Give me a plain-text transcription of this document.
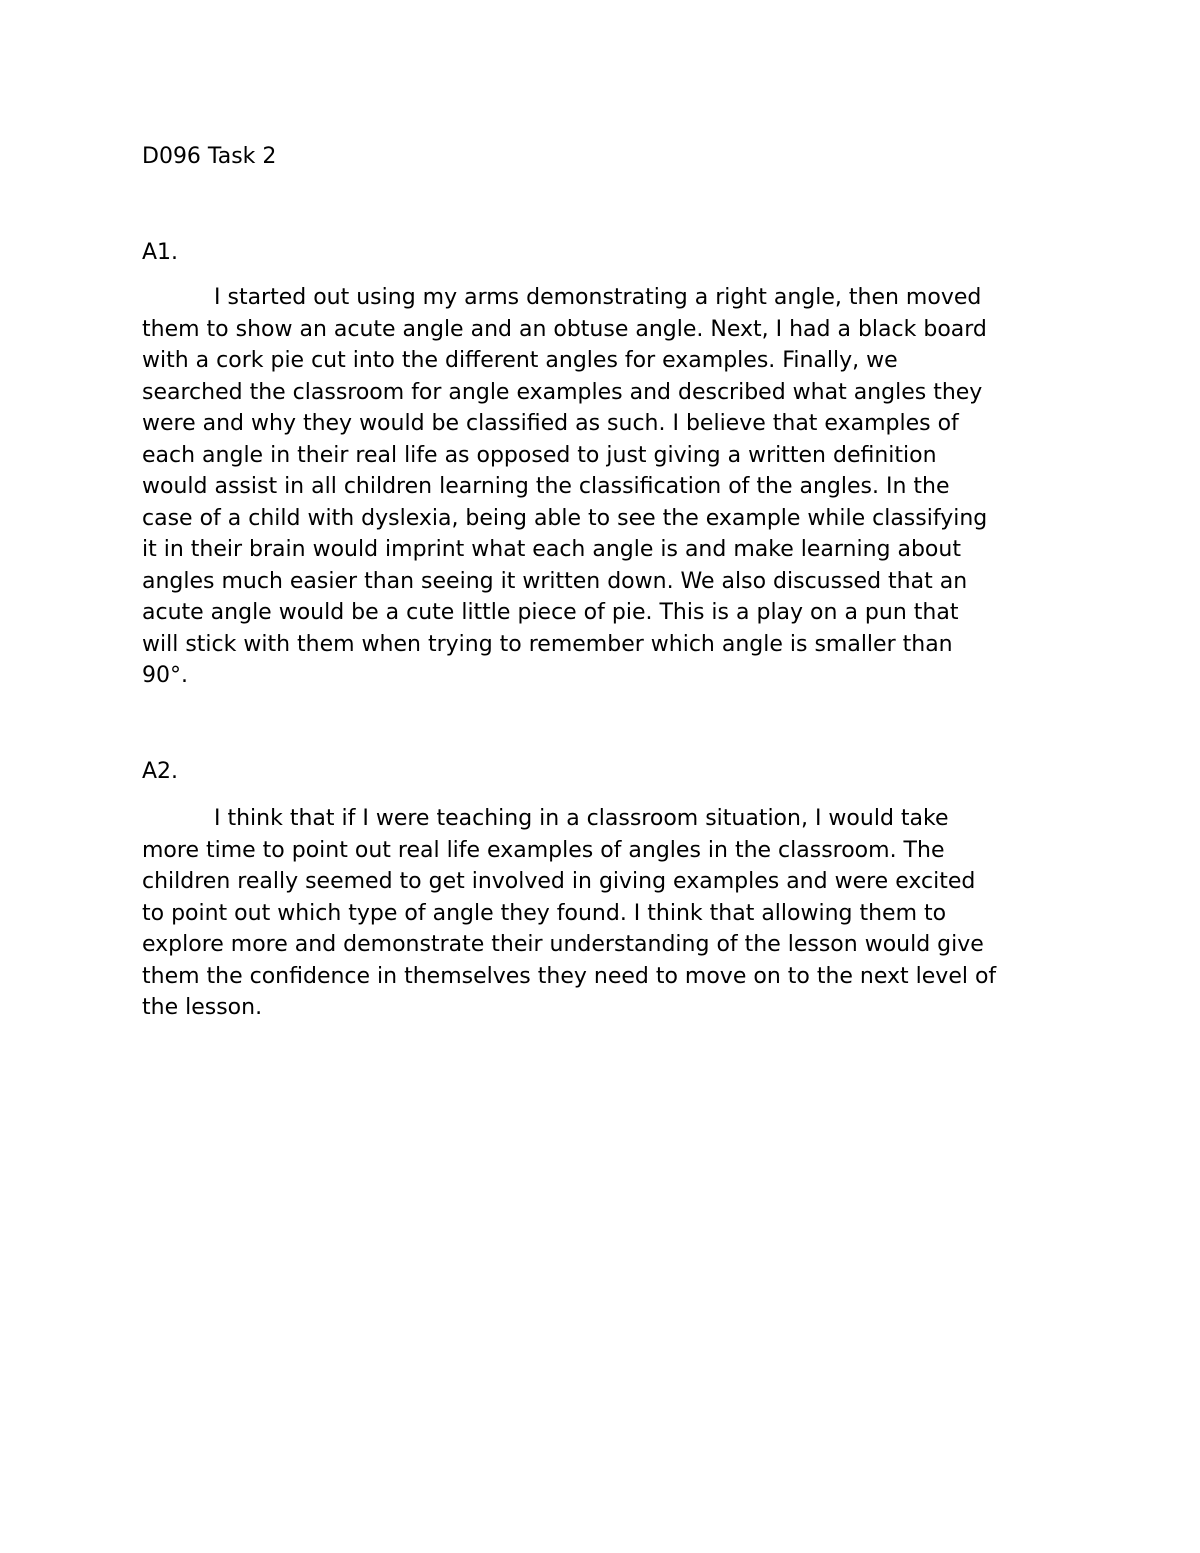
D096 Task 2
A1.
I started out using my arms demonstrating a right angle, then moved
them to show an acute angle and an obtuse angle. Next, I had a black board
with a cork pie cut into the different angles for examples. Finally, we
searched the classroom for angle examples and described what angles they
were and why they would be classified as such. I believe that examples of
each angle in their real life as opposed to just giving a written definition
would assist in all children learning the classification of the angles. In the
case of a child with dyslexia, being able to see the example while classifying
it in their brain would imprint what each angle is and make learning about
angles much easier than seeing it written down. We also discussed that an
acute angle would be a cute little piece of pie. This is a play on a pun that
will stick with them when trying to remember which angle is smaller than
90°.
A2.
I think that if I were teaching in a classroom situation, I would take
more time to point out real life examples of angles in the classroom. The
children really seemed to get involved in giving examples and were excited
to point out which type of angle they found. I think that allowing them to
explore more and demonstrate their understanding of the lesson would give
them the confidence in themselves they need to move on to the next level of
the lesson.
